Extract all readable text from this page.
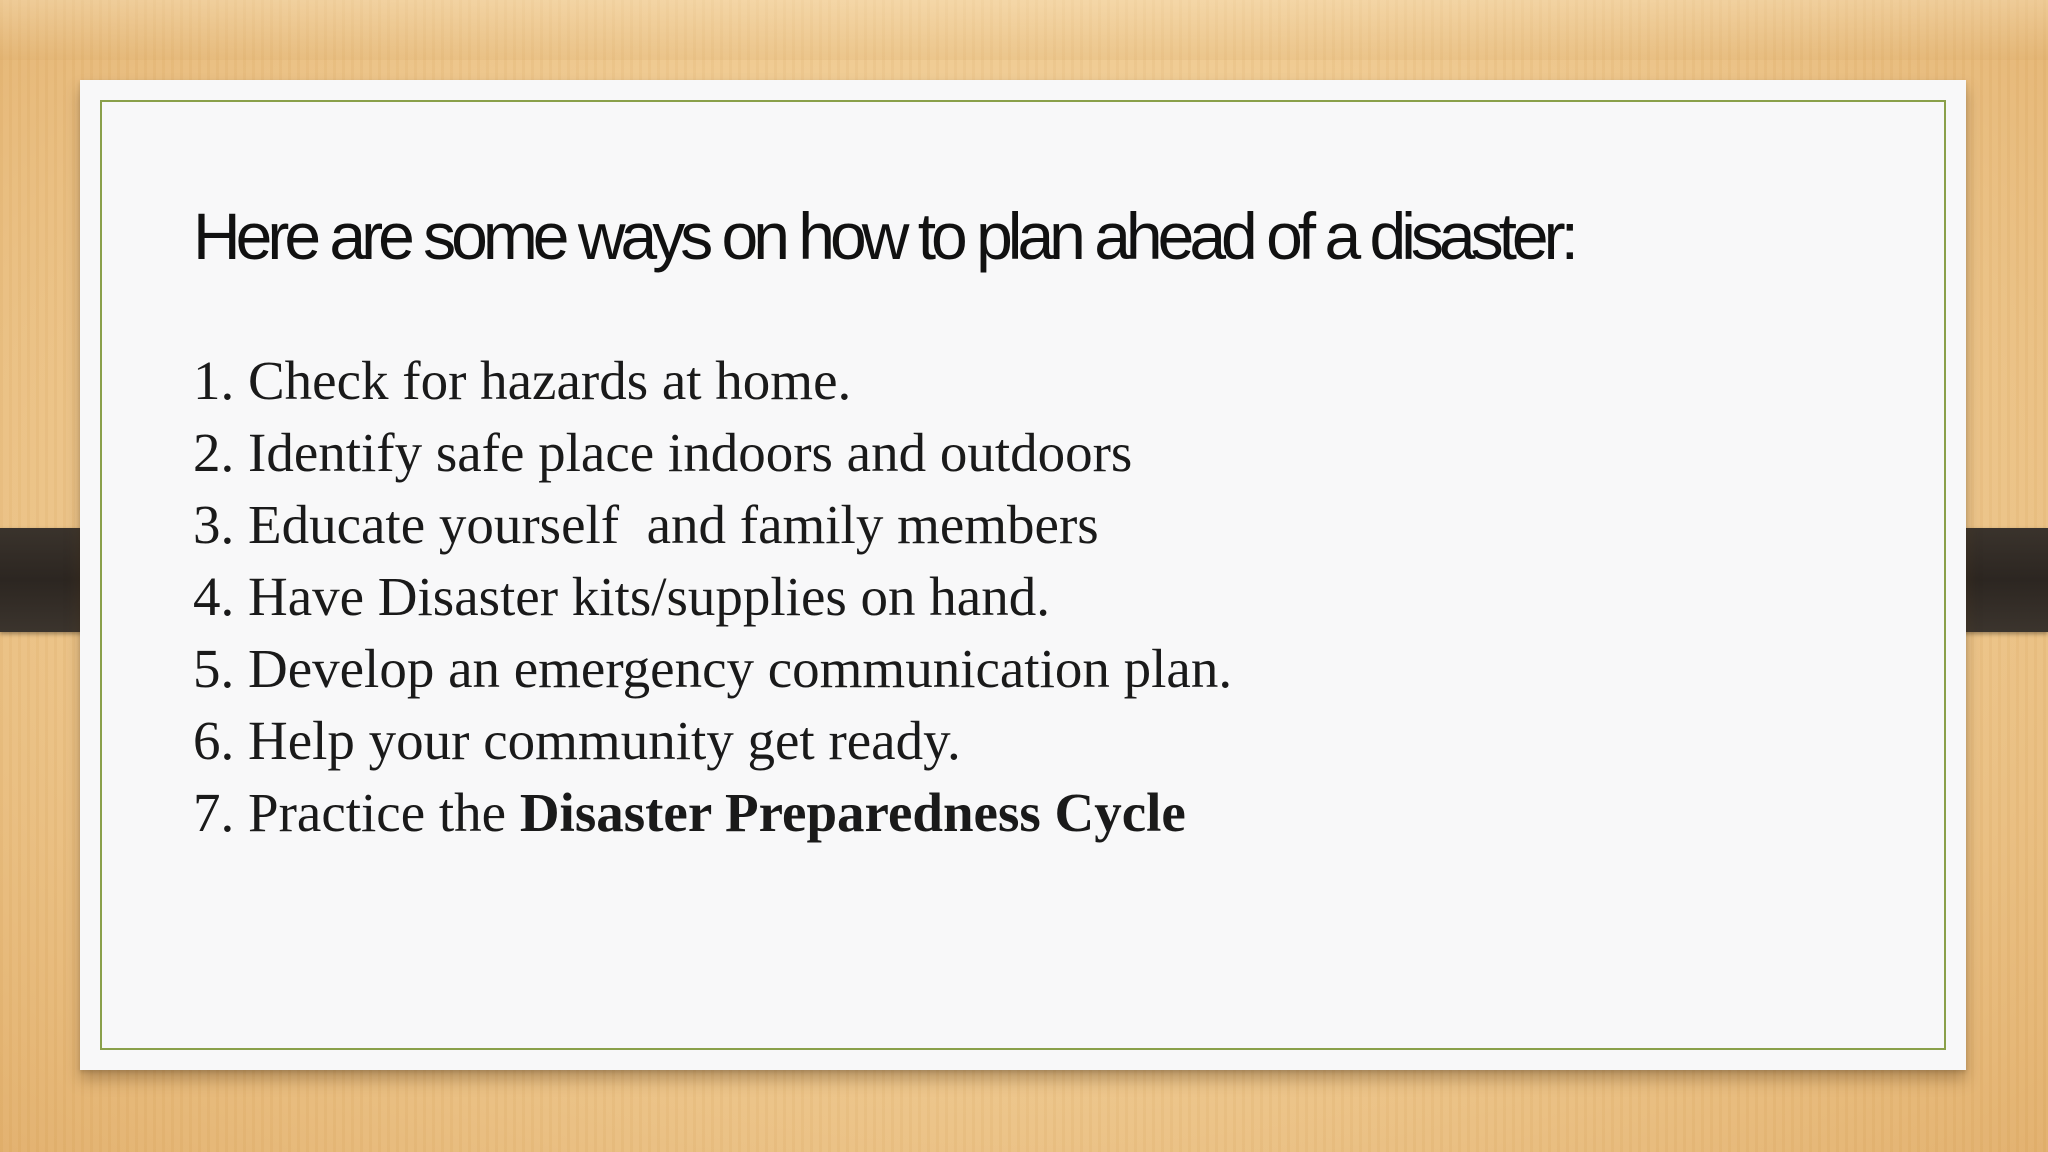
Here are some ways on how to plan ahead of a disaster:
1. Check for hazards at home.
2. Identify safe place indoors and outdoors
3. Educate yourself  and family members
4. Have Disaster kits/supplies on hand.
5. Develop an emergency communication plan.
6. Help your community get ready.
7. Practice the Disaster Preparedness Cycle
